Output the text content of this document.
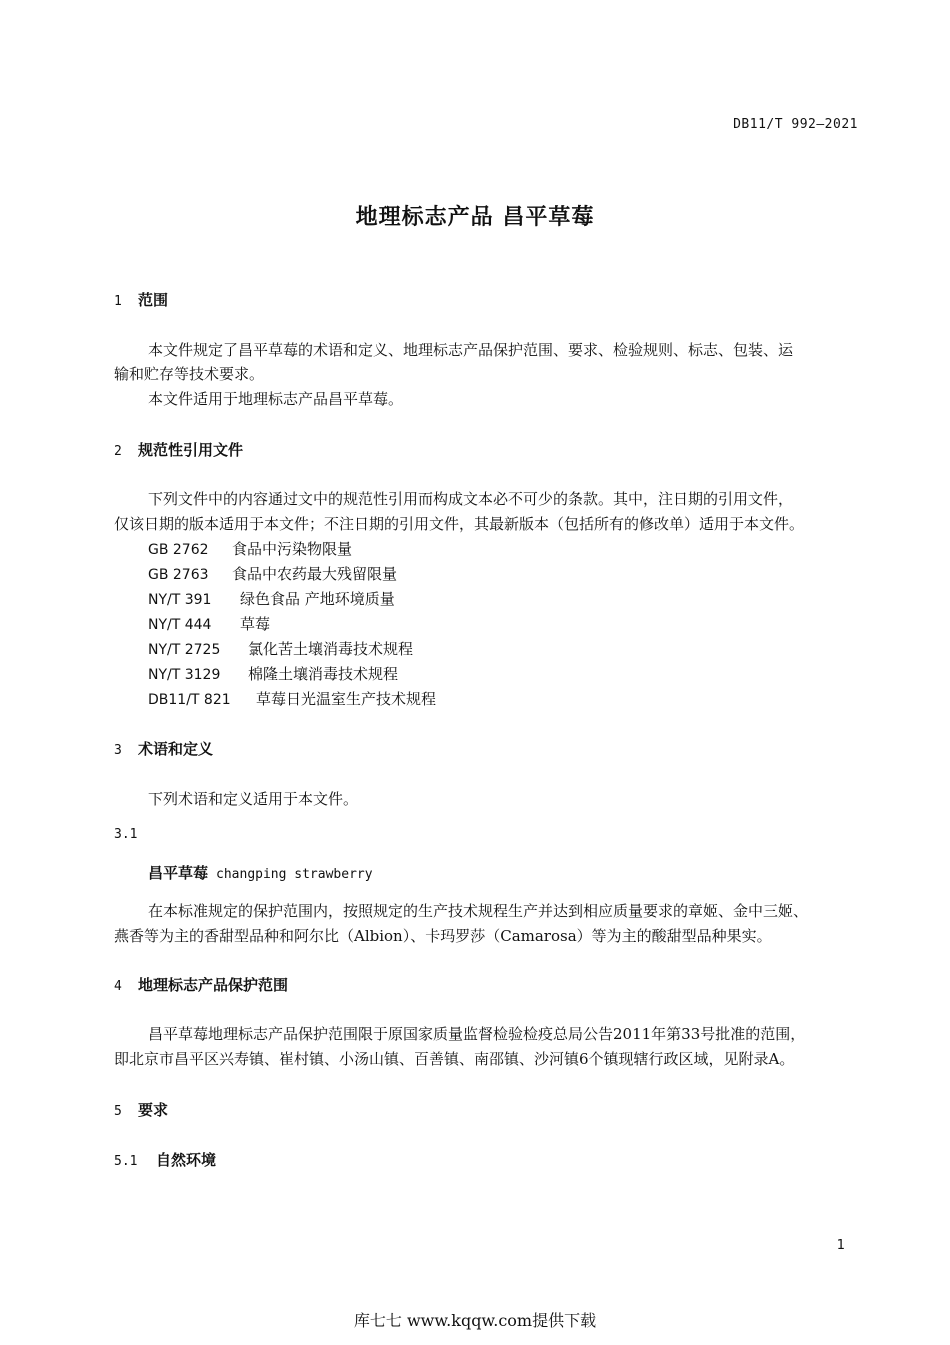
DB11/T 992—2021
地理标志产品 昌平草莓
1 范围
本文件规定了昌平草莓的术语和定义、地理标志产品保护范围、要求、检验规则、标志、包装、运
输和贮存等技术要求。
本文件适用于地理标志产品昌平草莓。
2 规范性引用文件
下列文件中的内容通过文中的规范性引用而构成文本必不可少的条款。其中，注日期的引用文件，
仅该日期的版本适用于本文件；不注日期的引用文件，其最新版本（包括所有的修改单）适用于本文件。
GB 2762 食品中污染物限量
GB 2763 食品中农药最大残留限量
NY/T 391 绿色食品 产地环境质量
NY/T 444 草莓
NY/T 2725 氯化苦土壤消毒技术规程
NY/T 3129 棉隆土壤消毒技术规程
DB11/T 821 草莓日光温室生产技术规程
3 术语和定义
下列术语和定义适用于本文件。
3.1
昌平草莓 changping strawberry
在本标准规定的保护范围内，按照规定的生产技术规程生产并达到相应质量要求的章姬、金中三姬、
燕香等为主的香甜型品种和阿尔比（Albion）、卡玛罗莎（Camarosa）等为主的酸甜型品种果实。
4 地理标志产品保护范围
昌平草莓地理标志产品保护范围限于原国家质量监督检验检疫总局公告2011年第33号批准的范围，
即北京市昌平区兴寿镇、崔村镇、小汤山镇、百善镇、南邵镇、沙河镇6个镇现辖行政区域，见附录A。
5 要求
5.1 自然环境
1
库七七 www.kqqw.com提供下载
